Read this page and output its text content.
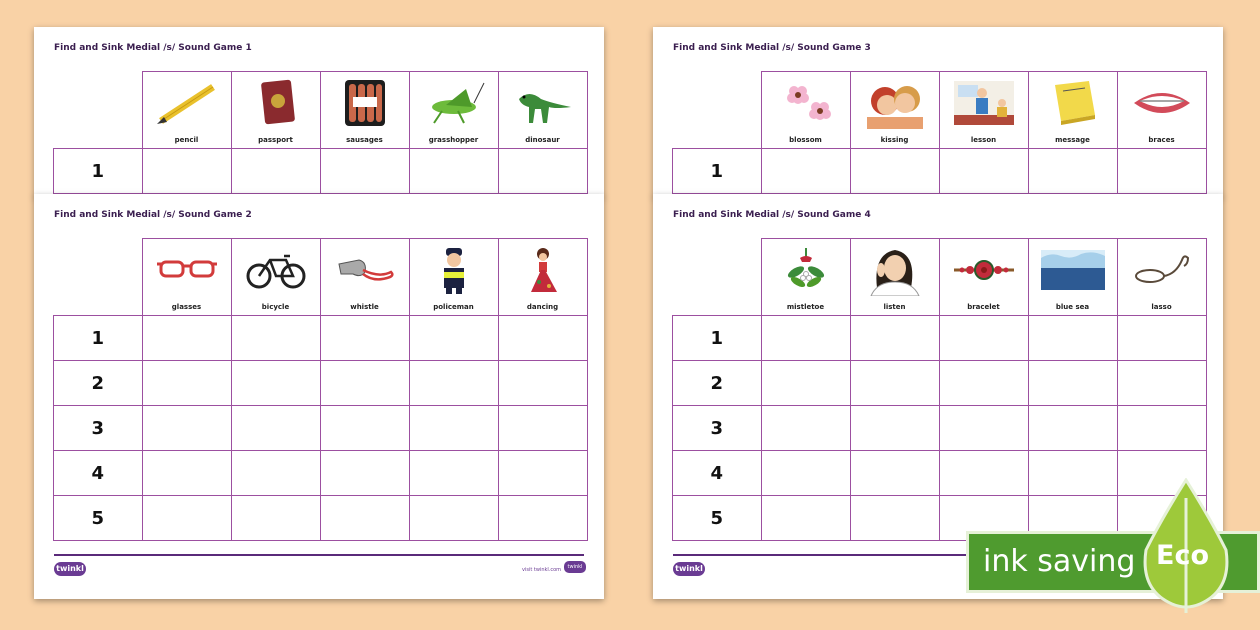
Find and Sink Medial /s/ Sound Game 1

	pencil	passport	sausages	grasshopper	dinosaur

1					
Find and Sink Medial /s/ Sound Game 3

	blossom	kissing	lesson	message	braces

1					
Find and Sink Medial /s/ Sound Game 2

	glasses	bicycle	whistle	policeman	dancing

1					
2					
3					
4					
5					
twinkl	visit twinkl.com	twinkl
Find and Sink Medial /s/ Sound Game 4

	mistletoe	listen	bracelet	blue sea	lasso

1					
2					
3					
4					
5					
twinkl	ink saving Eco
